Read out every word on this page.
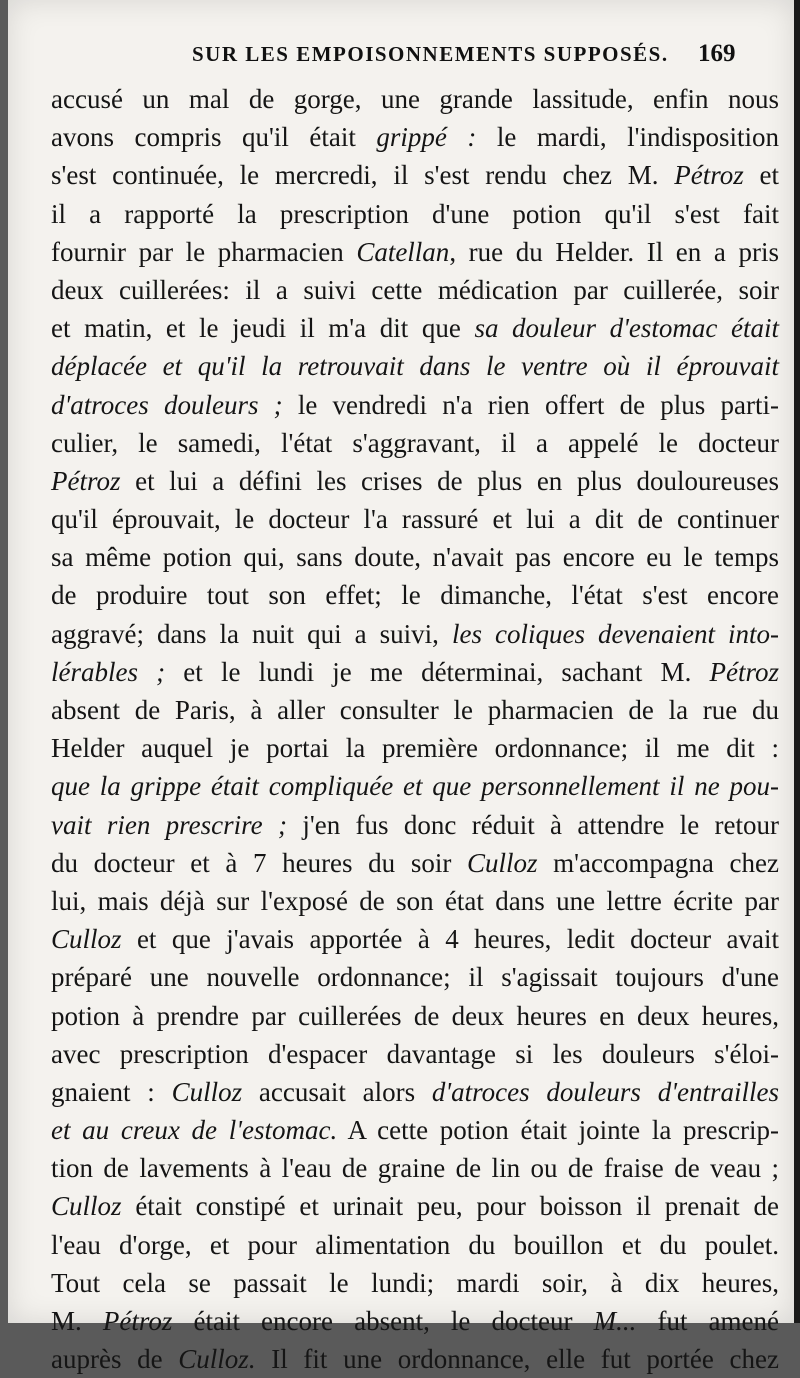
SUR LES EMPOISONNEMENTS SUPPOSÉS. 169
accusé un mal de gorge, une grande lassitude, enfin nous
avons compris qu'il était grippé : le mardi, l'indisposition
s'est continuée, le mercredi, il s'est rendu chez M. Pétroz et
il a rapporté la prescription d'une potion qu'il s'est fait
fournir par le pharmacien Catellan, rue du Helder. Il en a pris
deux cuillerées: il a suivi cette médication par cuillerée, soir
et matin, et le jeudi il m'a dit que sa douleur d'estomac était
déplacée et qu'il la retrouvait dans le ventre où il éprouvait
d'atroces douleurs ; le vendredi n'a rien offert de plus parti-
culier, le samedi, l'état s'aggravant, il a appelé le docteur
Pétroz et lui a défini les crises de plus en plus douloureuses
qu'il éprouvait, le docteur l'a rassuré et lui a dit de continuer
sa même potion qui, sans doute, n'avait pas encore eu le temps
de produire tout son effet; le dimanche, l'état s'est encore
aggravé; dans la nuit qui a suivi, les coliques devenaient into-
lérables ; et le lundi je me déterminai, sachant M. Pétroz
absent de Paris, à aller consulter le pharmacien de la rue du
Helder auquel je portai la première ordonnance; il me dit :
que la grippe était compliquée et que personnellement il ne pou-
vait rien prescrire ; j'en fus donc réduit à attendre le retour
du docteur et à 7 heures du soir Culloz m'accompagna chez
lui, mais déjà sur l'exposé de son état dans une lettre écrite par
Culloz et que j'avais apportée à 4 heures, ledit docteur avait
préparé une nouvelle ordonnance; il s'agissait toujours d'une
potion à prendre par cuillerées de deux heures en deux heures,
avec prescription d'espacer davantage si les douleurs s'éloi-
gnaient : Culloz accusait alors d'atroces douleurs d'entrailles
et au creux de l'estomac. A cette potion était jointe la prescrip-
tion de lavements à l'eau de graine de lin ou de fraise de veau ;
Culloz était constipé et urinait peu, pour boisson il prenait de
l'eau d'orge, et pour alimentation du bouillon et du poulet.
Tout cela se passait le lundi; mardi soir, à dix heures,
M. Pétroz était encore absent, le docteur M... fut amené
auprès de Culloz. Il fit une ordonnance, elle fut portée chez
